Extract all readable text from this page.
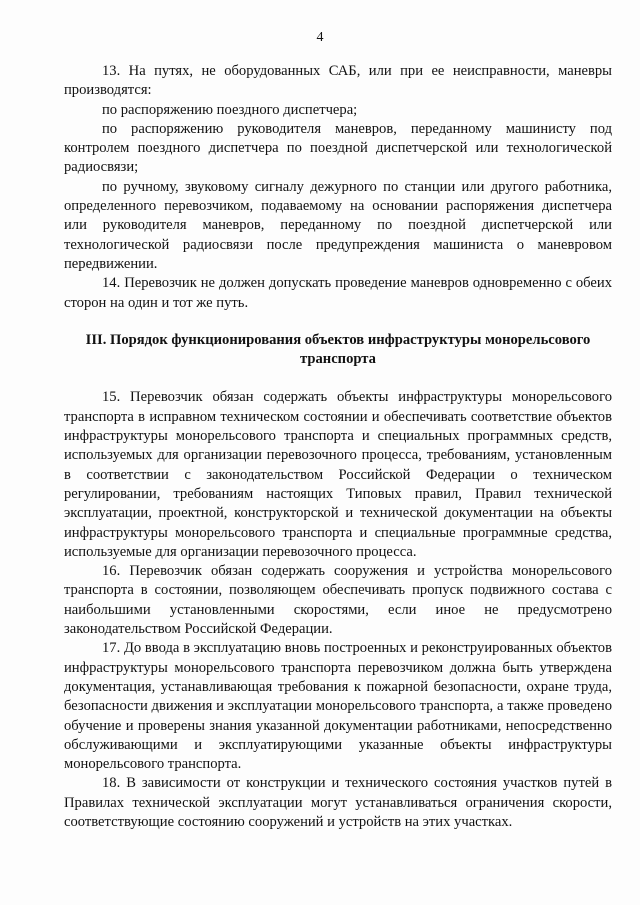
4

13. На путях, не оборудованных САБ, или при ее неисправности, маневры производятся:

по распоряжению поездного диспетчера;

по распоряжению руководителя маневров, переданному машинисту под контролем поездного диспетчера по поездной диспетчерской или технологической радиосвязи;

по ручному, звуковому сигналу дежурного по станции или другого работника, определенного перевозчиком, подаваемому на основании распоряжения диспетчера или руководителя маневров, переданному по поездной диспетчерской или технологической радиосвязи после предупреждения машиниста о маневровом передвижении.

14. Перевозчик не должен допускать проведение маневров одновременно с обеих сторон на один и тот же путь.

III. Порядок функционирования объектов инфраструктуры монорельсового транспорта

15. Перевозчик обязан содержать объекты инфраструктуры монорельсового транспорта в исправном техническом состоянии и обеспечивать соответствие объектов инфраструктуры монорельсового транспорта и специальных программных средств, используемых для организации перевозочного процесса, требованиям, установленным в соответствии с законодательством Российской Федерации о техническом регулировании, требованиям настоящих Типовых правил, Правил технической эксплуатации, проектной, конструкторской и технической документации на объекты инфраструктуры монорельсового транспорта и специальные программные средства, используемые для организации перевозочного процесса.

16. Перевозчик обязан содержать сооружения и устройства монорельсового транспорта в состоянии, позволяющем обеспечивать пропуск подвижного состава с наибольшими установленными скоростями, если иное не предусмотрено законодательством Российской Федерации.

17. До ввода в эксплуатацию вновь построенных и реконструированных объектов инфраструктуры монорельсового транспорта перевозчиком должна быть утверждена документация, устанавливающая требования к пожарной безопасности, охране труда, безопасности движения и эксплуатации монорельсового транспорта, а также проведено обучение и проверены знания указанной документации работниками, непосредственно обслуживающими и эксплуатирующими указанные объекты инфраструктуры монорельсового транспорта.

18. В зависимости от конструкции и технического состояния участков путей в Правилах технической эксплуатации могут устанавливаться ограничения скорости, соответствующие состоянию сооружений и устройств на этих участках.
